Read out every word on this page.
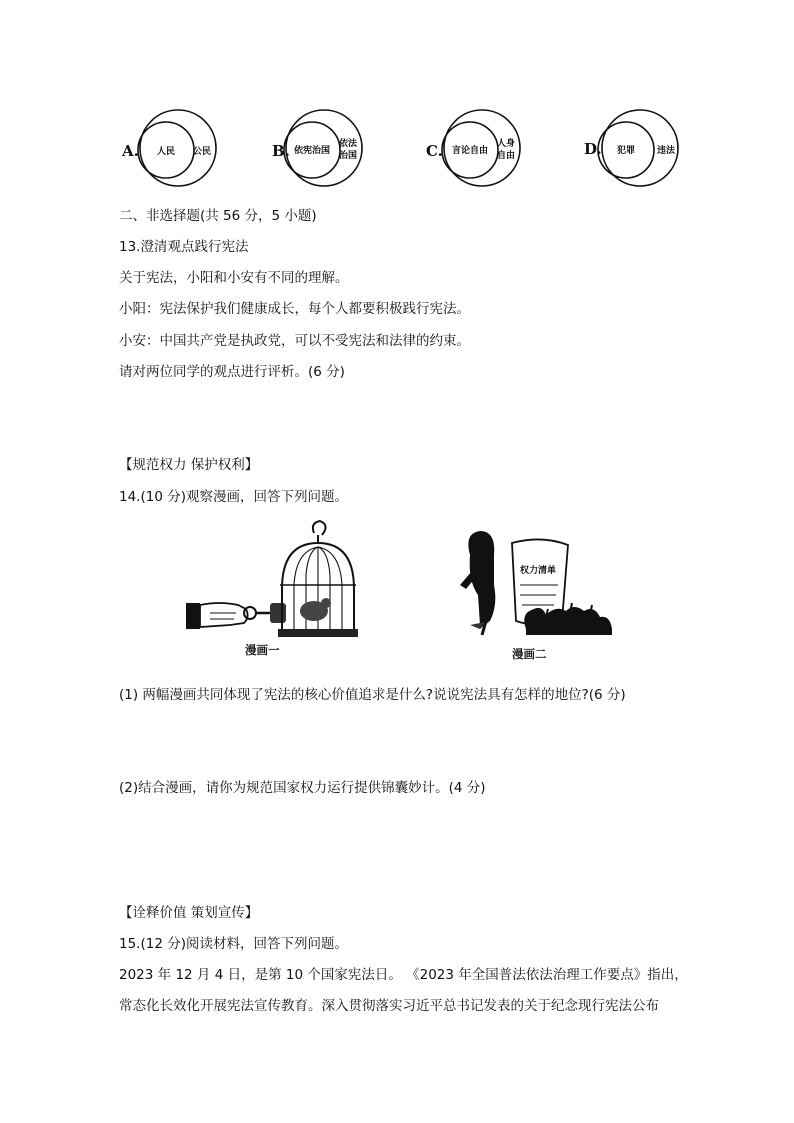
A. 人民 公民	B. 依宪治国
依法
治国	C. 言论自由
人身
自由	D. 犯罪 违法
二、非选择题(共 56 分，5 小题)
13.澄清观点践行宪法
关于宪法，小阳和小安有不同的理解。
小阳：宪法保护我们健康成长，每个人都要积极践行宪法。
小安：中国共产党是执政党，可以不受宪法和法律的约束。
请对两位同学的观点进行评析。(6 分)
【规范权力 保护权利】
14.(10 分)观察漫画，回答下列问题。
漫画一
权力清单
漫画二
(1) 两幅漫画共同体现了宪法的核心价值追求是什么?说说宪法具有怎样的地位?(6 分)
(2)结合漫画，请你为规范国家权力运行提供锦囊妙计。(4 分)
【诠释价值 策划宣传】
15.(12 分)阅读材料，回答下列问题。
2023 年 12 月 4 日，是第 10 个国家宪法日。 《2023 年全国普法依法治理工作要点》指出，
常态化长效化开展宪法宣传教育。深入贯彻落实习近平总书记发表的关于纪念现行宪法公布
